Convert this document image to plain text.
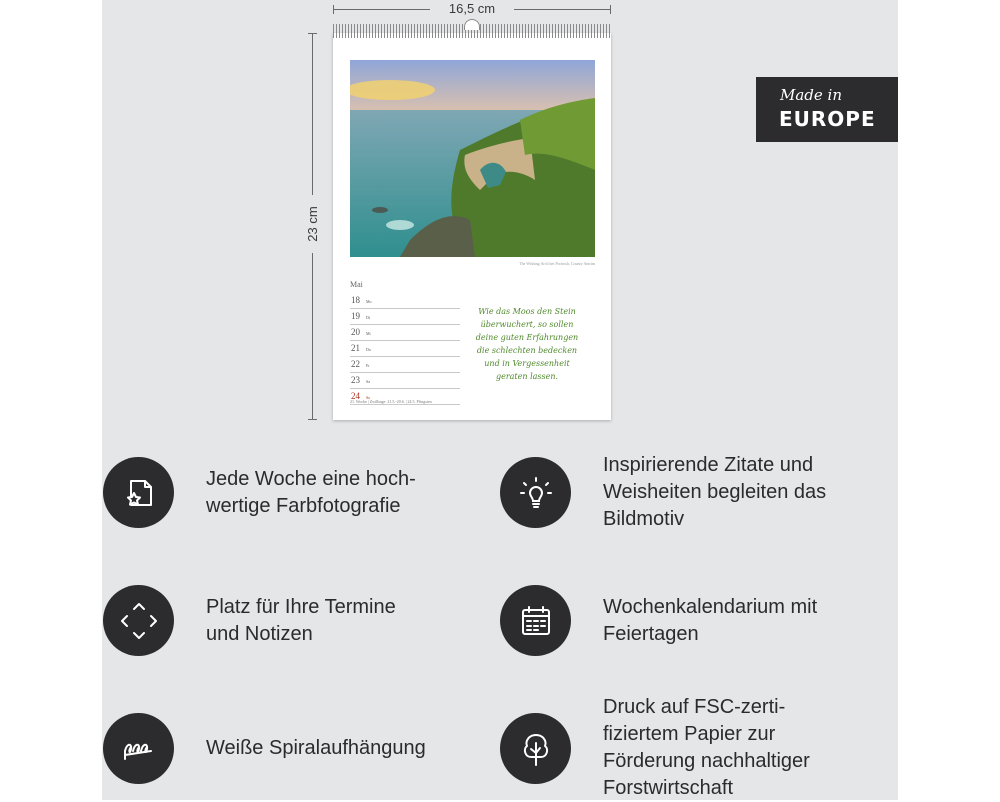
16,5 cm
23 cm
The Wishing Arch bei Portrush, County Antrim
Mai
18 Mo
19 Di
20 Mi
21 Do
22 Fr
23 Sa
24 So
Wie das Moos den Stein
überwuchert, so sollen
deine guten Erfahrungen
die schlechten bedecken
und in Vergessenheit
geraten lassen.
21. Woche | Zwillinge: 21.5.-20.6. | 24.5. Pfingsten
Made in
EUROPE
Jede Woche eine hoch-
wertige Farbfotografie
Inspirierende Zitate und
Weisheiten begleiten das
Bildmotiv
Platz für Ihre Termine
und Notizen
Wochenkalendarium mit
Feiertagen
Weiße Spiralaufhängung
Druck auf FSC-zerti-
fiziertem Papier zur
Förderung nachhaltiger
Forstwirtschaft
